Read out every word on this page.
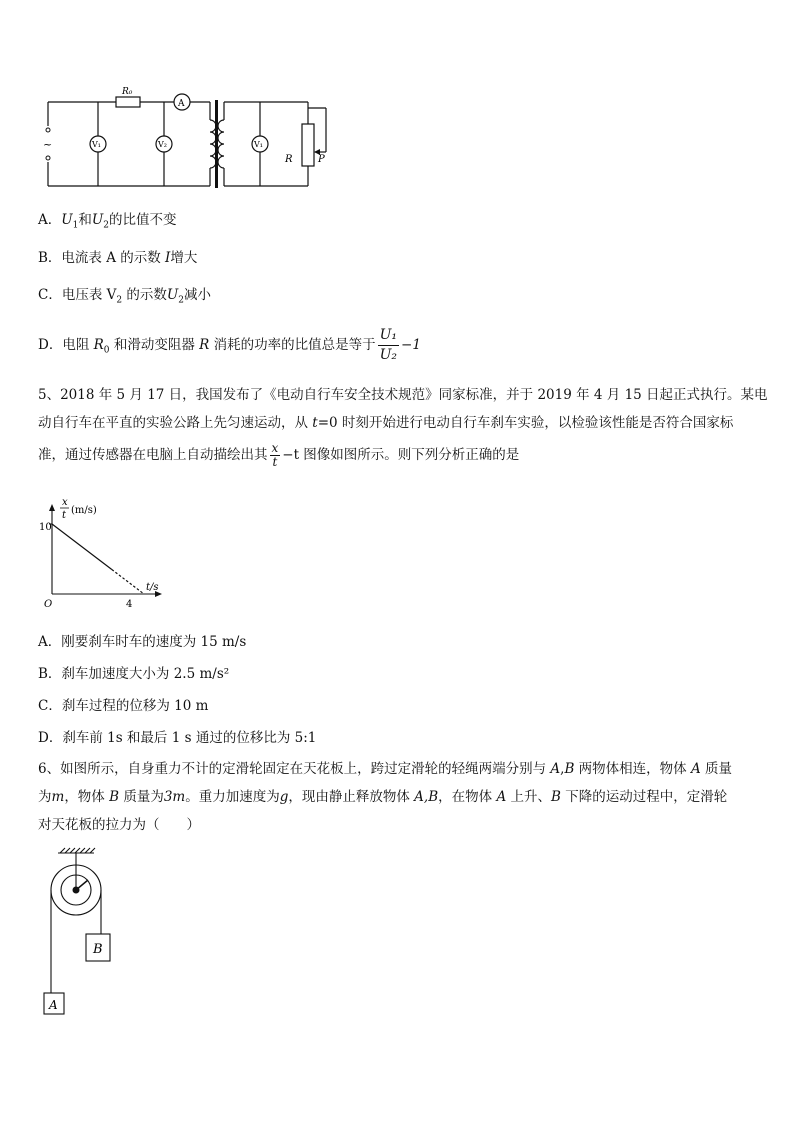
~
R₀
A
V₁	V₂	V₁
R	P
A．$U_1$和$U_2$的比值不变
B．电流表 A 的示数 I增大
C．电压表 $V_2$ 的示数$U_2$减小
D．电阻 $R_0$ 和滑动变阻器 R 消耗的功率的比值总是等于 $\frac{\text{U₁}}{\text{U₂}} -1$
5、2018 年 5 月 17 日，我国发布了《电动自行车安全技术规范》同家标准，并于 2019 年 4 月 15 日起正式执行。某电
动自行车在平直的实验公路上先匀速运动，从 t=0 时刻开始进行电动自行车刹车实验，以检验该性能是否符合国家标
准，通过传感器在电脑上自动描绘出其 $\frac{x}{t} -t$ 图像如图所示。则下列分析正确的是
x
t (m/s)
10
t/s
O	4
A．刚要刹车时车的速度为 15 m/s
B．刹车加速度大小为 2.5 m/s²
C．刹车过程的位移为 10 m
D．刹车前 1s 和最后 1 s 通过的位移比为 5:1
6、如图所示，自身重力不计的定滑轮固定在天花板上，跨过定滑轮的轻绳两端分别与 A,B 两物体相连，物体 A 质量
为m，物体 B 质量为3m。重力加速度为g，现由静止释放物体 A,B，在物体 A 上升、B 下降的运动过程中，定滑轮
对天花板的拉力为（　　）
B
A
